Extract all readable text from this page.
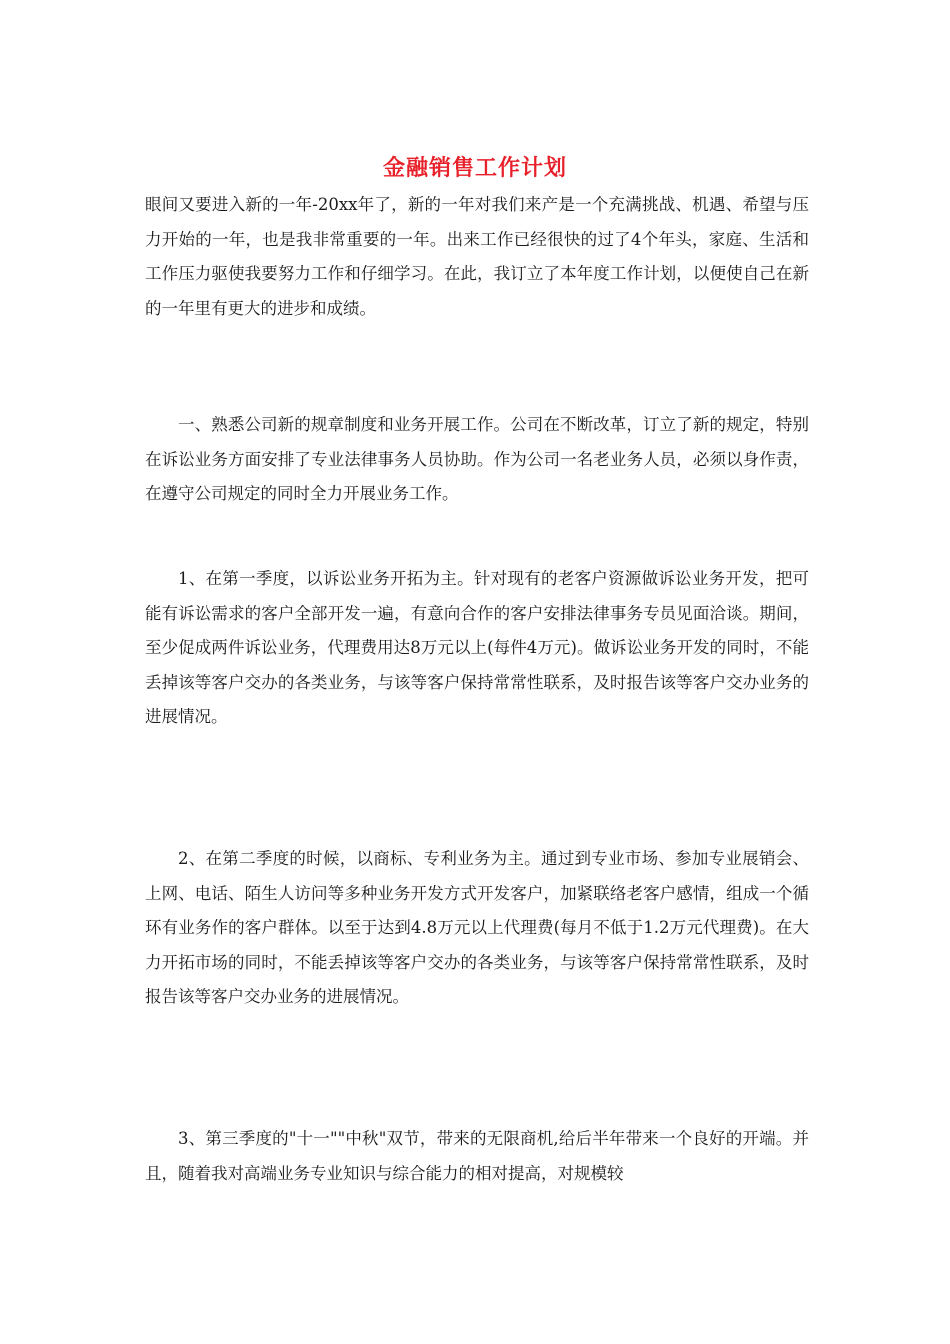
金融销售工作计划

眼间又要进入新的一年-20xx年了，新的一年对我们来产是一个充满挑战、机遇、希望与压力开始的一年，也是我非常重要的一年。出来工作已经很快的过了4个年头，家庭、生活和工作压力驱使我要努力工作和仔细学习。在此，我订立了本年度工作计划，以便使自己在新的一年里有更大的进步和成绩。

一、熟悉公司新的规章制度和业务开展工作。公司在不断改革，订立了新的规定，特别在诉讼业务方面安排了专业法律事务人员协助。作为公司一名老业务人员，必须以身作责，在遵守公司规定的同时全力开展业务工作。

1、在第一季度，以诉讼业务开拓为主。针对现有的老客户资源做诉讼业务开发，把可能有诉讼需求的客户全部开发一遍，有意向合作的客户安排法律事务专员见面洽谈。期间，至少促成两件诉讼业务，代理费用达8万元以上(每件4万元)。做诉讼业务开发的同时，不能丢掉该等客户交办的各类业务，与该等客户保持常常性联系，及时报告该等客户交办业务的进展情况。

2、在第二季度的时候，以商标、专利业务为主。通过到专业市场、参加专业展销会、上网、电话、陌生人访问等多种业务开发方式开发客户，加紧联络老客户感情，组成一个循环有业务作的客户群体。以至于达到4.8万元以上代理费(每月不低于1.2万元代理费)。在大力开拓市场的同时，不能丢掉该等客户交办的各类业务，与该等客户保持常常性联系，及时报告该等客户交办业务的进展情况。

3、第三季度的"十一""中秋"双节，带来的无限商机,给后半年带来一个良好的开端。并且，随着我对高端业务专业知识与综合能力的相对提高，对规模较
